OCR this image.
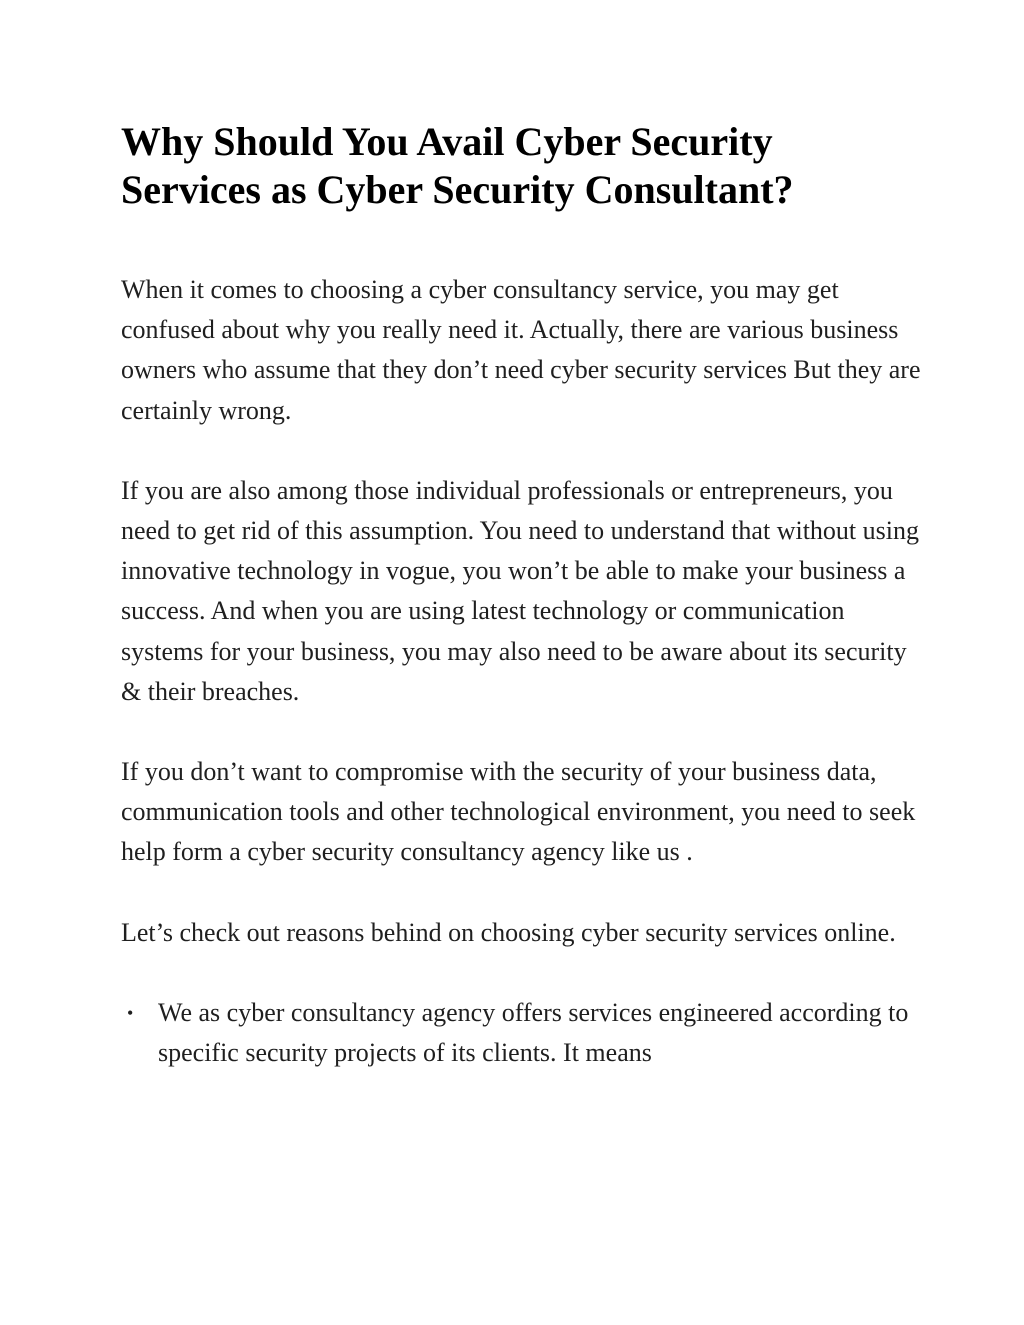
Why Should You Avail Cyber Security Services as Cyber Security Consultant?

When it comes to choosing a cyber consultancy service, you may get confused about why you really need it. Actually, there are various business owners who assume that they don’t need cyber security services But they are certainly wrong.

If you are also among those individual professionals or entrepreneurs, you need to get rid of this assumption. You need to understand that without using innovative technology in vogue, you won’t be able to make your business a success. And when you are using latest technology or communication systems for your business, you may also need to be aware about its security & their breaches.

If you don’t want to compromise with the security of your business data, communication tools and other technological environment, you need to seek help form a cyber security consultancy agency like us .

Let’s check out reasons behind on choosing cyber security services online.

• We as cyber consultancy agency offers services engineered according to specific security projects of its clients. It means
